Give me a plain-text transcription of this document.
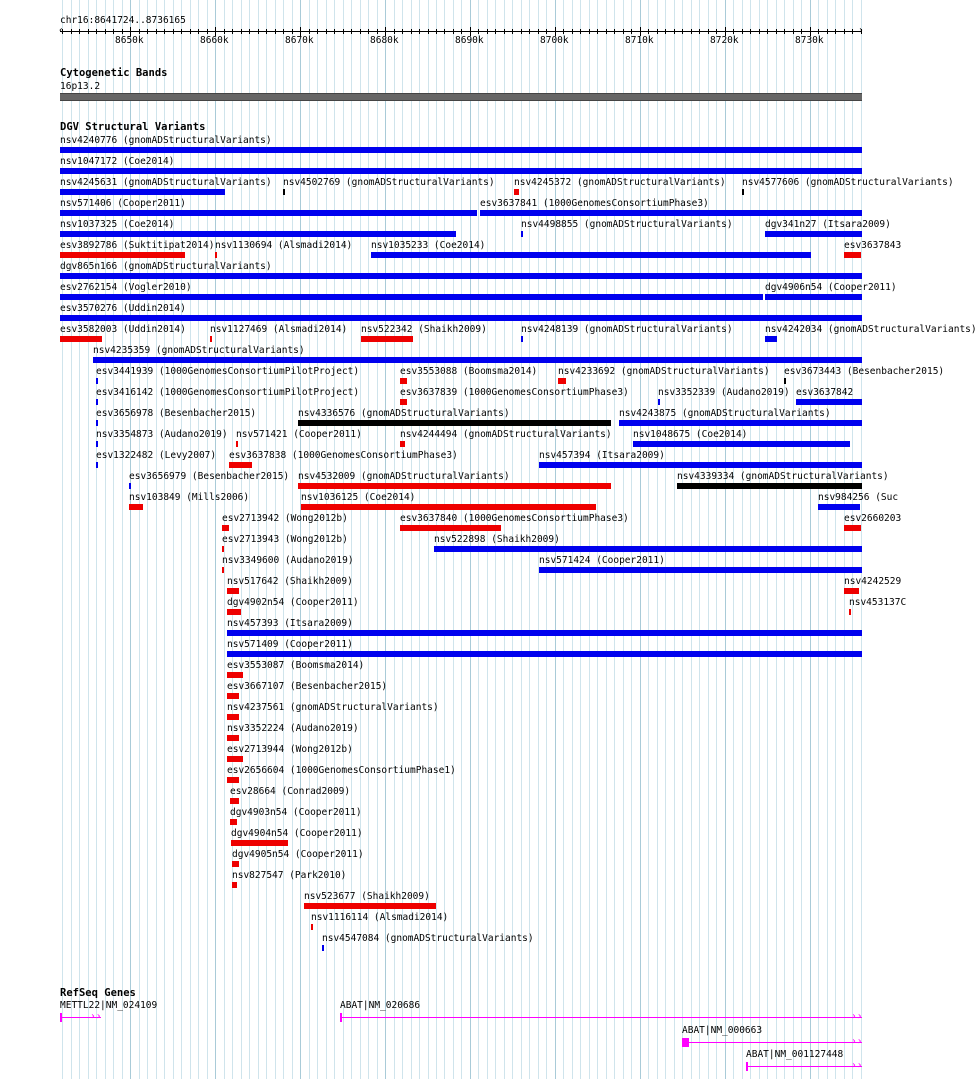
chr16:8641724..8736165
8650k	8660k	8670k	8680k	8690k	8700k	8710k	8720k	8730k
‹	›
Cytogenetic Bands
16p13.2
DGV Structural Variants
nsv4240776 (gnomADStructuralVariants)
nsv1047172 (Coe2014)
nsv4245631 (gnomADStructuralVariants) nsv4502769 (gnomADStructuralVariants) nsv4245372 (gnomADStructuralVariants) nsv4577606 (gnomADStructuralVariants)
nsv571406 (Cooper2011)	esv3637841 (1000GenomesConsortiumPhase3)
nsv1037325 (Coe2014)	nsv4498855 (gnomADStructuralVariants)	dgv341n27 (Itsara2009)
esv3892786 (Suktitipat2014) nsv1130694 (Alsmadi2014) nsv1035233 (Coe2014)	esv3637843
dgv865n166 (gnomADStructuralVariants)
esv2762154 (Vogler2010)	dgv4906n54 (Cooper2011)
esv3570276 (Uddin2014)
esv3582003 (Uddin2014)	nsv1127469 (Alsmadi2014) nsv522342 (Shaikh2009)	nsv4248139 (gnomADStructuralVariants)	nsv4242034 (gnomADStructuralVariants)
nsv4235359 (gnomADStructuralVariants)
esv3441939 (1000GenomesConsortiumPilotProject)	esv3553088 (Boomsma2014) nsv4233692 (gnomADStructuralVariants) esv3673443 (Besenbacher2015)
esv3416142 (1000GenomesConsortiumPilotProject)	esv3637839 (1000GenomesConsortiumPhase3)	nsv3352339 (Audano2019) esv3637842
esv3656978 (Besenbacher2015)	nsv4336576 (gnomADStructuralVariants)	nsv4243875 (gnomADStructuralVariants)
nsv3354873 (Audano2019) nsv571421 (Cooper2011)	nsv4244494 (gnomADStructuralVariants) nsv1048675 (Coe2014)
esv1322482 (Levy2007) esv3637838 (1000GenomesConsortiumPhase3)	nsv457394 (Itsara2009)
esv3656979 (Besenbacher2015) nsv4532009 (gnomADStructuralVariants)	nsv4339334 (gnomADStructuralVariants)
nsv103849 (Mills2006)	nsv1036125 (Coe2014)	nsv984256 (Suc
esv2713942 (Wong2012b)	esv3637840 (1000GenomesConsortiumPhase3)	esv2660203
esv2713943 (Wong2012b)	nsv522898 (Shaikh2009)
nsv3349600 (Audano2019)	nsv571424 (Cooper2011)
nsv517642 (Shaikh2009)	nsv4242529
dgv4902n54 (Cooper2011)	nsv453137C
nsv457393 (Itsara2009)
nsv571409 (Cooper2011)
esv3553087 (Boomsma2014)
esv3667107 (Besenbacher2015)
nsv4237561 (gnomADStructuralVariants)
nsv3352224 (Audano2019)
esv2713944 (Wong2012b)
esv2656604 (1000GenomesConsortiumPhase1)
esv28664 (Conrad2009)
dgv4903n54 (Cooper2011)
dgv4904n54 (Cooper2011)
dgv4905n54 (Cooper2011)
nsv827547 (Park2010)
nsv523677 (Shaikh2009)
nsv1116114 (Alsmadi2014)
nsv4547084 (gnomADStructuralVariants)
RefSeq Genes
METTL22|NM_024109
››
ABAT|NM_020686
››
ABAT|NM_000663
››
ABAT|NM_001127448
››
